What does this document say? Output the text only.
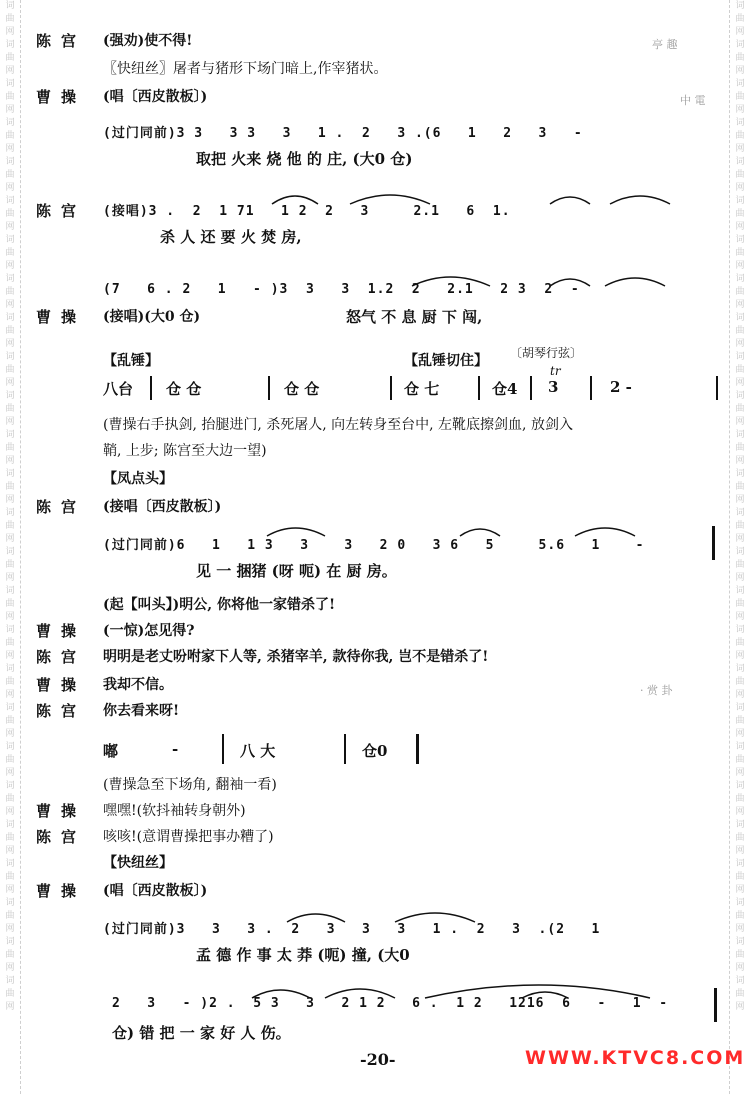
词曲网词曲网词曲网词曲网词曲网词曲网词曲网词曲网词曲网词曲网词曲网词曲网词曲网词曲网词曲网词曲网词曲网词曲网词曲网词曲网词曲网词曲网词曲网词曲网词曲网词曲网
词曲网词曲网词曲网词曲网词曲网词曲网词曲网词曲网词曲网词曲网词曲网词曲网词曲网词曲网词曲网词曲网词曲网词曲网词曲网词曲网词曲网词曲网词曲网词曲网词曲网词曲网
亭 趣
中 電
· 赏 卦
陈宫 (强劝)使不得!
〖快纽丝〗屠者与猪形下场门暗上,作宰猪状。
曹操 (唱〔西皮散板〕)
(过门同前)3 3   3 3   3   1 .  2   3 .(6   1   2   3   -
取把 火来 烧 他 的 庄, (大0 仓)
陈宫 (接唱)3 .  2  1 71   1 2  2   3     2.1   6  1.
杀 人 还 要 火 焚 房,
(7   6 . 2   1   - )3  3   3  1.2  2   2.1   2 3  2  -
曹操 (接唱)(大0 仓)	怒气 不 息 厨 下 闯,
【乱锤】	【乱锤切住】 〔胡琴行弦〕
tr
八台 仓 仓	仓 仓	仓 七	仓4 3	2 -
(曹操右手执剑, 抬腿进门, 杀死屠人, 向左转身至台中, 左靴底擦剑血, 放剑入
鞘, 上步; 陈宫至大边一望)
【凤点头】
陈宫 (接唱〔西皮散板〕)
(过门同前)6   1   1 3   3    3   2 0   3 6   5     5.6   1    -
见 一 捆猪 (呀 呃) 在 厨 房。
(起【叫头】)明公, 你将他一家错杀了!
曹操 (一惊)怎见得?
陈宫 明明是老丈吩咐家下人等, 杀猪宰羊, 款待你我, 岂不是错杀了!
曹操 我却不信。
陈宫 你去看来呀!
嘟	-	八 大	仓0
(曹操急至下场角, 翻袖一看)
曹操 嘿嘿!(软抖袖转身朝外)
陈宫 咳咳!(意谓曹操把事办糟了)
【快纽丝】
曹操 (唱〔西皮散板〕)
(过门同前)3   3   3 .  2   3   3   3   1 .  2   3  .(2   1
孟 德 作 事 太 莽 (呃) 撞, (大0
2   3   - )2 .  5 3   3   2 1 2   6 .  1 2   1216  6   -   1  -
仓) 错 把 一 家 好 人 伤。
-20-	WWW.KTVC8.COM
